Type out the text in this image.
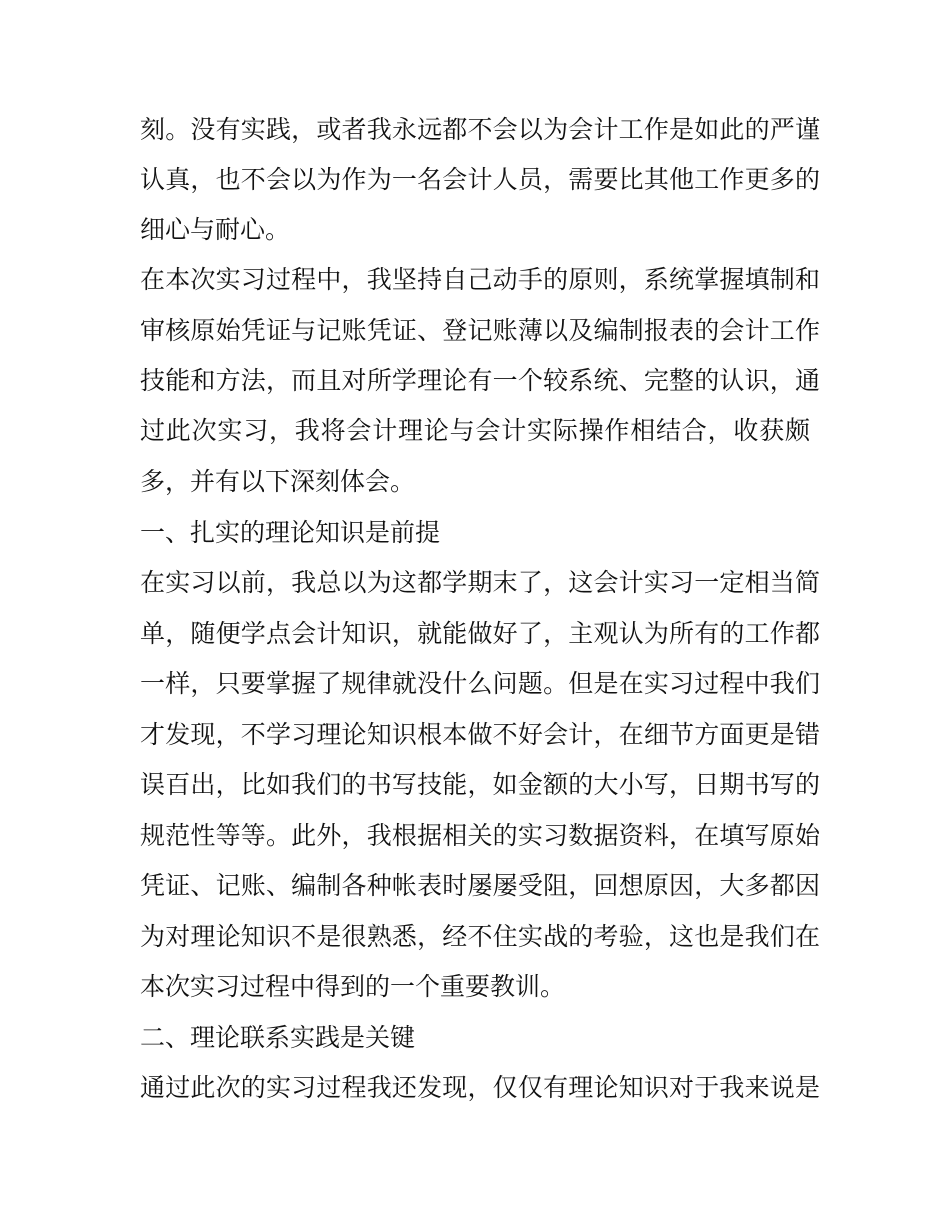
刻。没有实践，或者我永远都不会以为会计工作是如此的严谨
认真，也不会以为作为一名会计人员，需要比其他工作更多的
细心与耐心。
在本次实习过程中，我坚持自己动手的原则，系统掌握填制和
审核原始凭证与记账凭证、登记账薄以及编制报表的会计工作
技能和方法，而且对所学理论有一个较系统、完整的认识，通
过此次实习，我将会计理论与会计实际操作相结合，收获颇
多，并有以下深刻体会。
一、扎实的理论知识是前提
在实习以前，我总以为这都学期末了，这会计实习一定相当简
单，随便学点会计知识，就能做好了，主观认为所有的工作都
一样，只要掌握了规律就没什么问题。但是在实习过程中我们
才发现，不学习理论知识根本做不好会计，在细节方面更是错
误百出，比如我们的书写技能，如金额的大小写，日期书写的
规范性等等。此外，我根据相关的实习数据资料，在填写原始
凭证、记账、编制各种帐表时屡屡受阻，回想原因，大多都因
为对理论知识不是很熟悉，经不住实战的考验，这也是我们在
本次实习过程中得到的一个重要教训。
二、理论联系实践是关键
通过此次的实习过程我还发现，仅仅有理论知识对于我来说是
